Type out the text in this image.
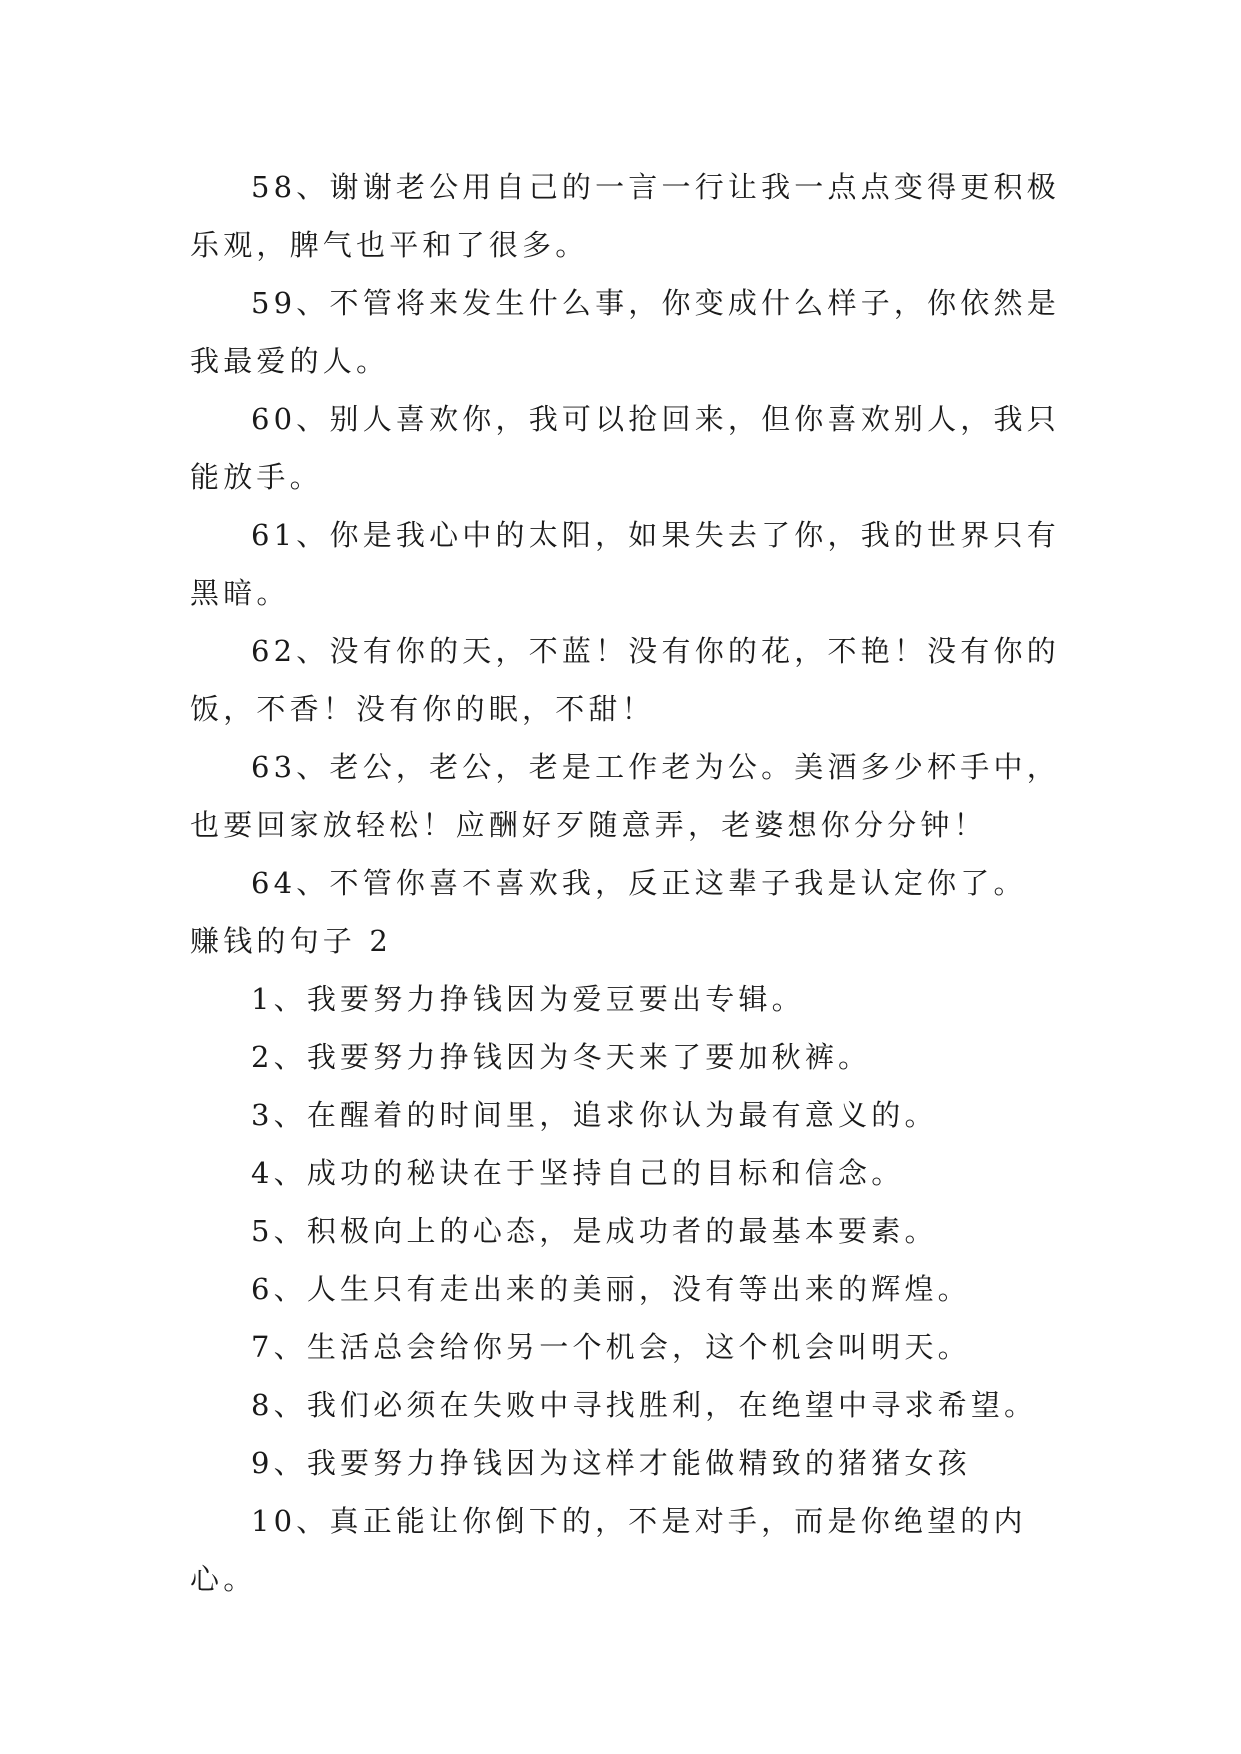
58、谢谢老公用自己的一言一行让我一点点变得更积极乐观，脾气也平和了很多。

59、不管将来发生什么事，你变成什么样子，你依然是我最爱的人。

60、别人喜欢你，我可以抢回来，但你喜欢别人，我只能放手。

61、你是我心中的太阳，如果失去了你，我的世界只有黑暗。

62、没有你的天，不蓝！没有你的花，不艳！没有你的饭，不香！没有你的眠，不甜！

63、老公，老公，老是工作老为公。美酒多少杯手中，也要回家放轻松！应酬好歹随意弄，老婆想你分分钟！

64、不管你喜不喜欢我，反正这辈子我是认定你了。

赚钱的句子 2

1、我要努力挣钱因为爱豆要出专辑。

2、我要努力挣钱因为冬天来了要加秋裤。

3、在醒着的时间里，追求你认为最有意义的。

4、成功的秘诀在于坚持自己的目标和信念。

5、积极向上的心态，是成功者的最基本要素。

6、人生只有走出来的美丽，没有等出来的辉煌。

7、生活总会给你另一个机会，这个机会叫明天。

8、我们必须在失败中寻找胜利，在绝望中寻求希望。

9、我要努力挣钱因为这样才能做精致的猪猪女孩

10、真正能让你倒下的，不是对手，而是你绝望的内心。
